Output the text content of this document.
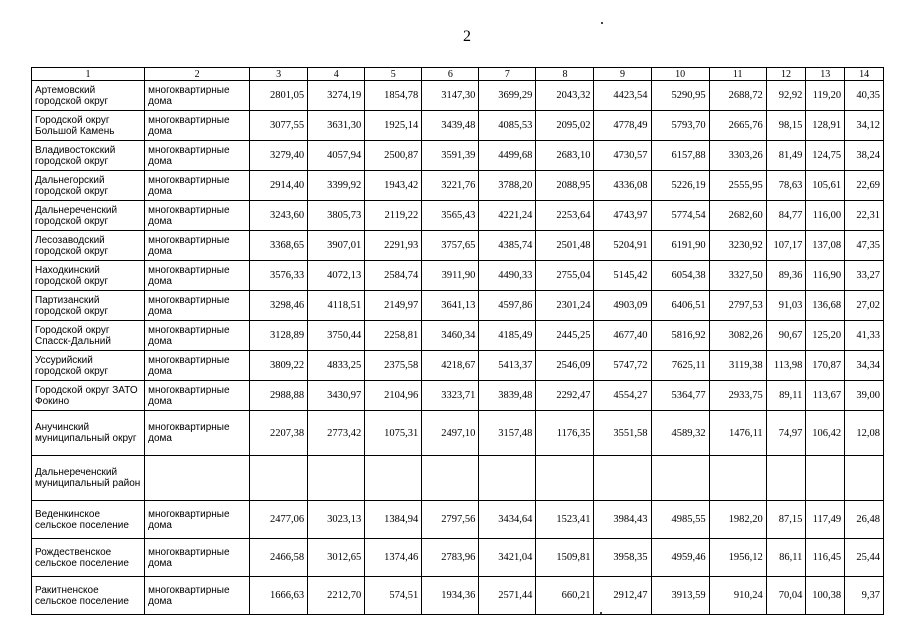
2
1	2	3	4	5	6	7	8	9	10	11	12	13	14
Артемовский городской округ	многоквартирные дома	2801,05	3274,19	1854,78	3147,30	3699,29	2043,32	4423,54	5290,95	2688,72	92,92	119,20	40,35
Городской округ Большой Камень	многоквартирные дома	3077,55	3631,30	1925,14	3439,48	4085,53	2095,02	4778,49	5793,70	2665,76	98,15	128,91	34,12
Владивостокский городской округ	многоквартирные дома	3279,40	4057,94	2500,87	3591,39	4499,68	2683,10	4730,57	6157,88	3303,26	81,49	124,75	38,24
Дальнегорский городской округ	многоквартирные дома	2914,40	3399,92	1943,42	3221,76	3788,20	2088,95	4336,08	5226,19	2555,95	78,63	105,61	22,69
Дальнереченский городской округ	многоквартирные дома	3243,60	3805,73	2119,22	3565,43	4221,24	2253,64	4743,97	5774,54	2682,60	84,77	116,00	22,31
Лесозаводский городской округ	многоквартирные дома	3368,65	3907,01	2291,93	3757,65	4385,74	2501,48	5204,91	6191,90	3230,92	107,17	137,08	47,35
Находкинский городской округ	многоквартирные дома	3576,33	4072,13	2584,74	3911,90	4490,33	2755,04	5145,42	6054,38	3327,50	89,36	116,90	33,27
Партизанский городской округ	многоквартирные дома	3298,46	4118,51	2149,97	3641,13	4597,86	2301,24	4903,09	6406,51	2797,53	91,03	136,68	27,02
Городской округ Спасск-Дальний	многоквартирные дома	3128,89	3750,44	2258,81	3460,34	4185,49	2445,25	4677,40	5816,92	3082,26	90,67	125,20	41,33
Уссурийский городской округ	многоквартирные дома	3809,22	4833,25	2375,58	4218,67	5413,37	2546,09	5747,72	7625,11	3119,38	113,98	170,87	34,34
Городской округ ЗАТО Фокино	многоквартирные дома	2988,88	3430,97	2104,96	3323,71	3839,48	2292,47	4554,27	5364,77	2933,75	89,11	113,67	39,00
Анучинский муниципальный округ	многоквартирные дома	2207,38	2773,42	1075,31	2497,10	3157,48	1176,35	3551,58	4589,32	1476,11	74,97	106,42	12,08
Дальнереченский муниципальный район													
Веденкинское сельское поселение	многоквартирные дома	2477,06	3023,13	1384,94	2797,56	3434,64	1523,41	3984,43	4985,55	1982,20	87,15	117,49	26,48
Рождественское сельское поселение	многоквартирные дома	2466,58	3012,65	1374,46	2783,96	3421,04	1509,81	3958,35	4959,46	1956,12	86,11	116,45	25,44
Ракитненское сельское поселение	многоквартирные дома	1666,63	2212,70	574,51	1934,36	2571,44	660,21	2912,47	3913,59	910,24	70,04	100,38	9,37
